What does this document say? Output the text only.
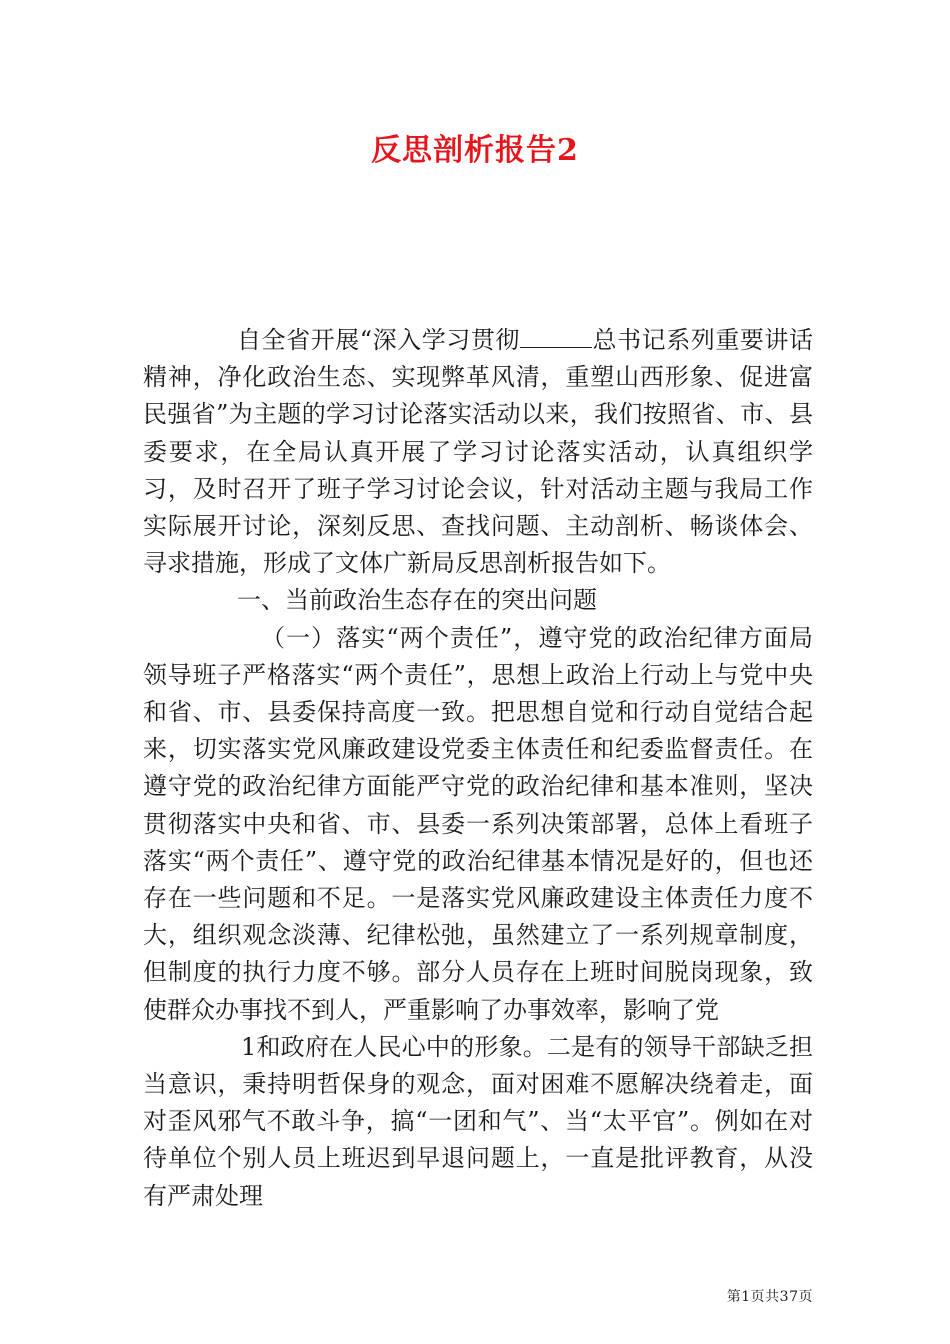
反思剖析报告2

自全省开展“深入学习贯彻	总书记系列重要讲话精神，净化政治生态、实现弊革风清，重塑山西形象、促进富民强省”为主题的学习讨论落实活动以来，我们按照省、市、县委要求，在全局认真开展了学习讨论落实活动，认真组织学习，及时召开了班子学习讨论会议，针对活动主题与我局工作实际展开讨论，深刻反思、查找问题、主动剖析、畅谈体会、寻求措施，形成了文体广新局反思剖析报告如下。

一、当前政治生态存在的突出问题

（一）落实“两个责任”，遵守党的政治纪律方面局领导班子严格落实“两个责任”，思想上政治上行动上与党中央和省、市、县委保持高度一致。把思想自觉和行动自觉结合起来，切实落实党风廉政建设党委主体责任和纪委监督责任。在遵守党的政治纪律方面能严守党的政治纪律和基本准则，坚决贯彻落实中央和省、市、县委一系列决策部署，总体上看班子落实“两个责任”、遵守党的政治纪律基本情况是好的，但也还存在一些问题和不足。一是落实党风廉政建设主体责任力度不大，组织观念淡薄、纪律松弛，虽然建立了一系列规章制度，但制度的执行力度不够。部分人员存在上班时间脱岗现象，致使群众办事找不到人，严重影响了办事效率，影响了党

1和政府在人民心中的形象。二是有的领导干部缺乏担当意识，秉持明哲保身的观念，面对困难不愿解决绕着走，面对歪风邪气不敢斗争，搞“一团和气”、当“太平官”。例如在对待单位个别人员上班迟到早退问题上，一直是批评教育，从没有严肃处理

第1页共37页
